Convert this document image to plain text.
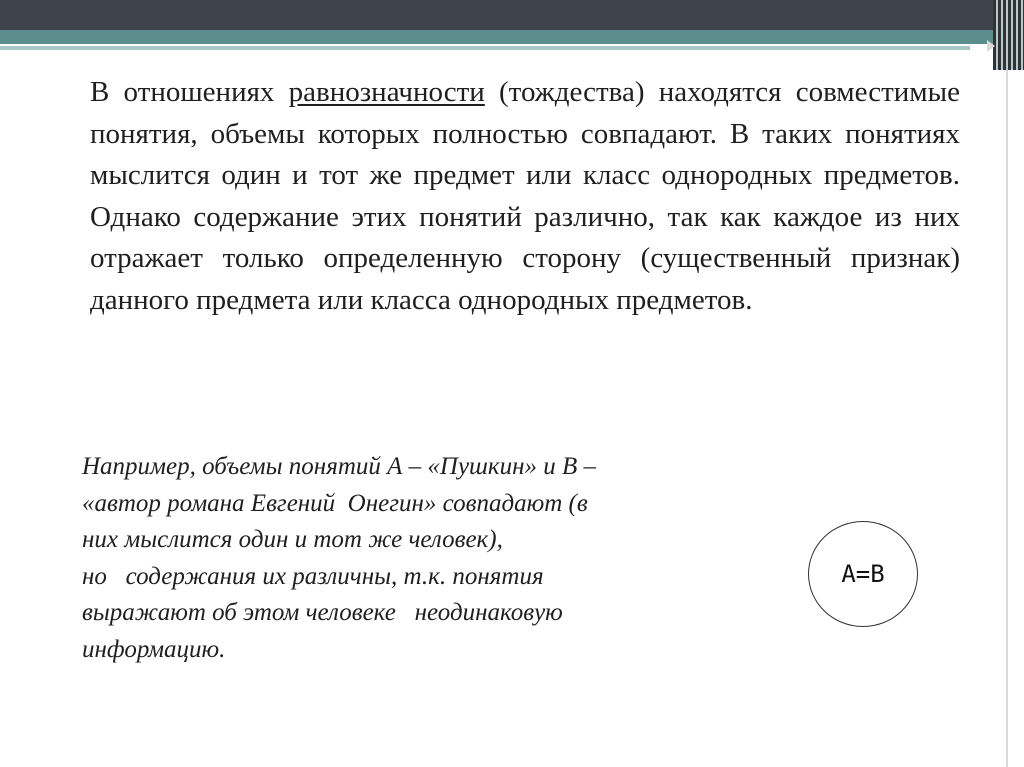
В отношениях равнозначности (тождества) находятся совместимые понятия, объемы которых полностью совпадают. В таких понятиях мыслится один и тот же предмет или класс однородных предметов. Однако содержание этих понятий различно, так как каждое из них отражает только определенную сторону (существенный признак) данного предмета или класса однородных предметов.

Например, объемы понятий А – «Пушкин» и В –
«автор романа Евгений  Онегин» совпадают (в
них мыслится один и тот же человек),
но   содержания их различны, т.к. понятия
выражают об этом человеке   неодинаковую
информацию.

А=В
